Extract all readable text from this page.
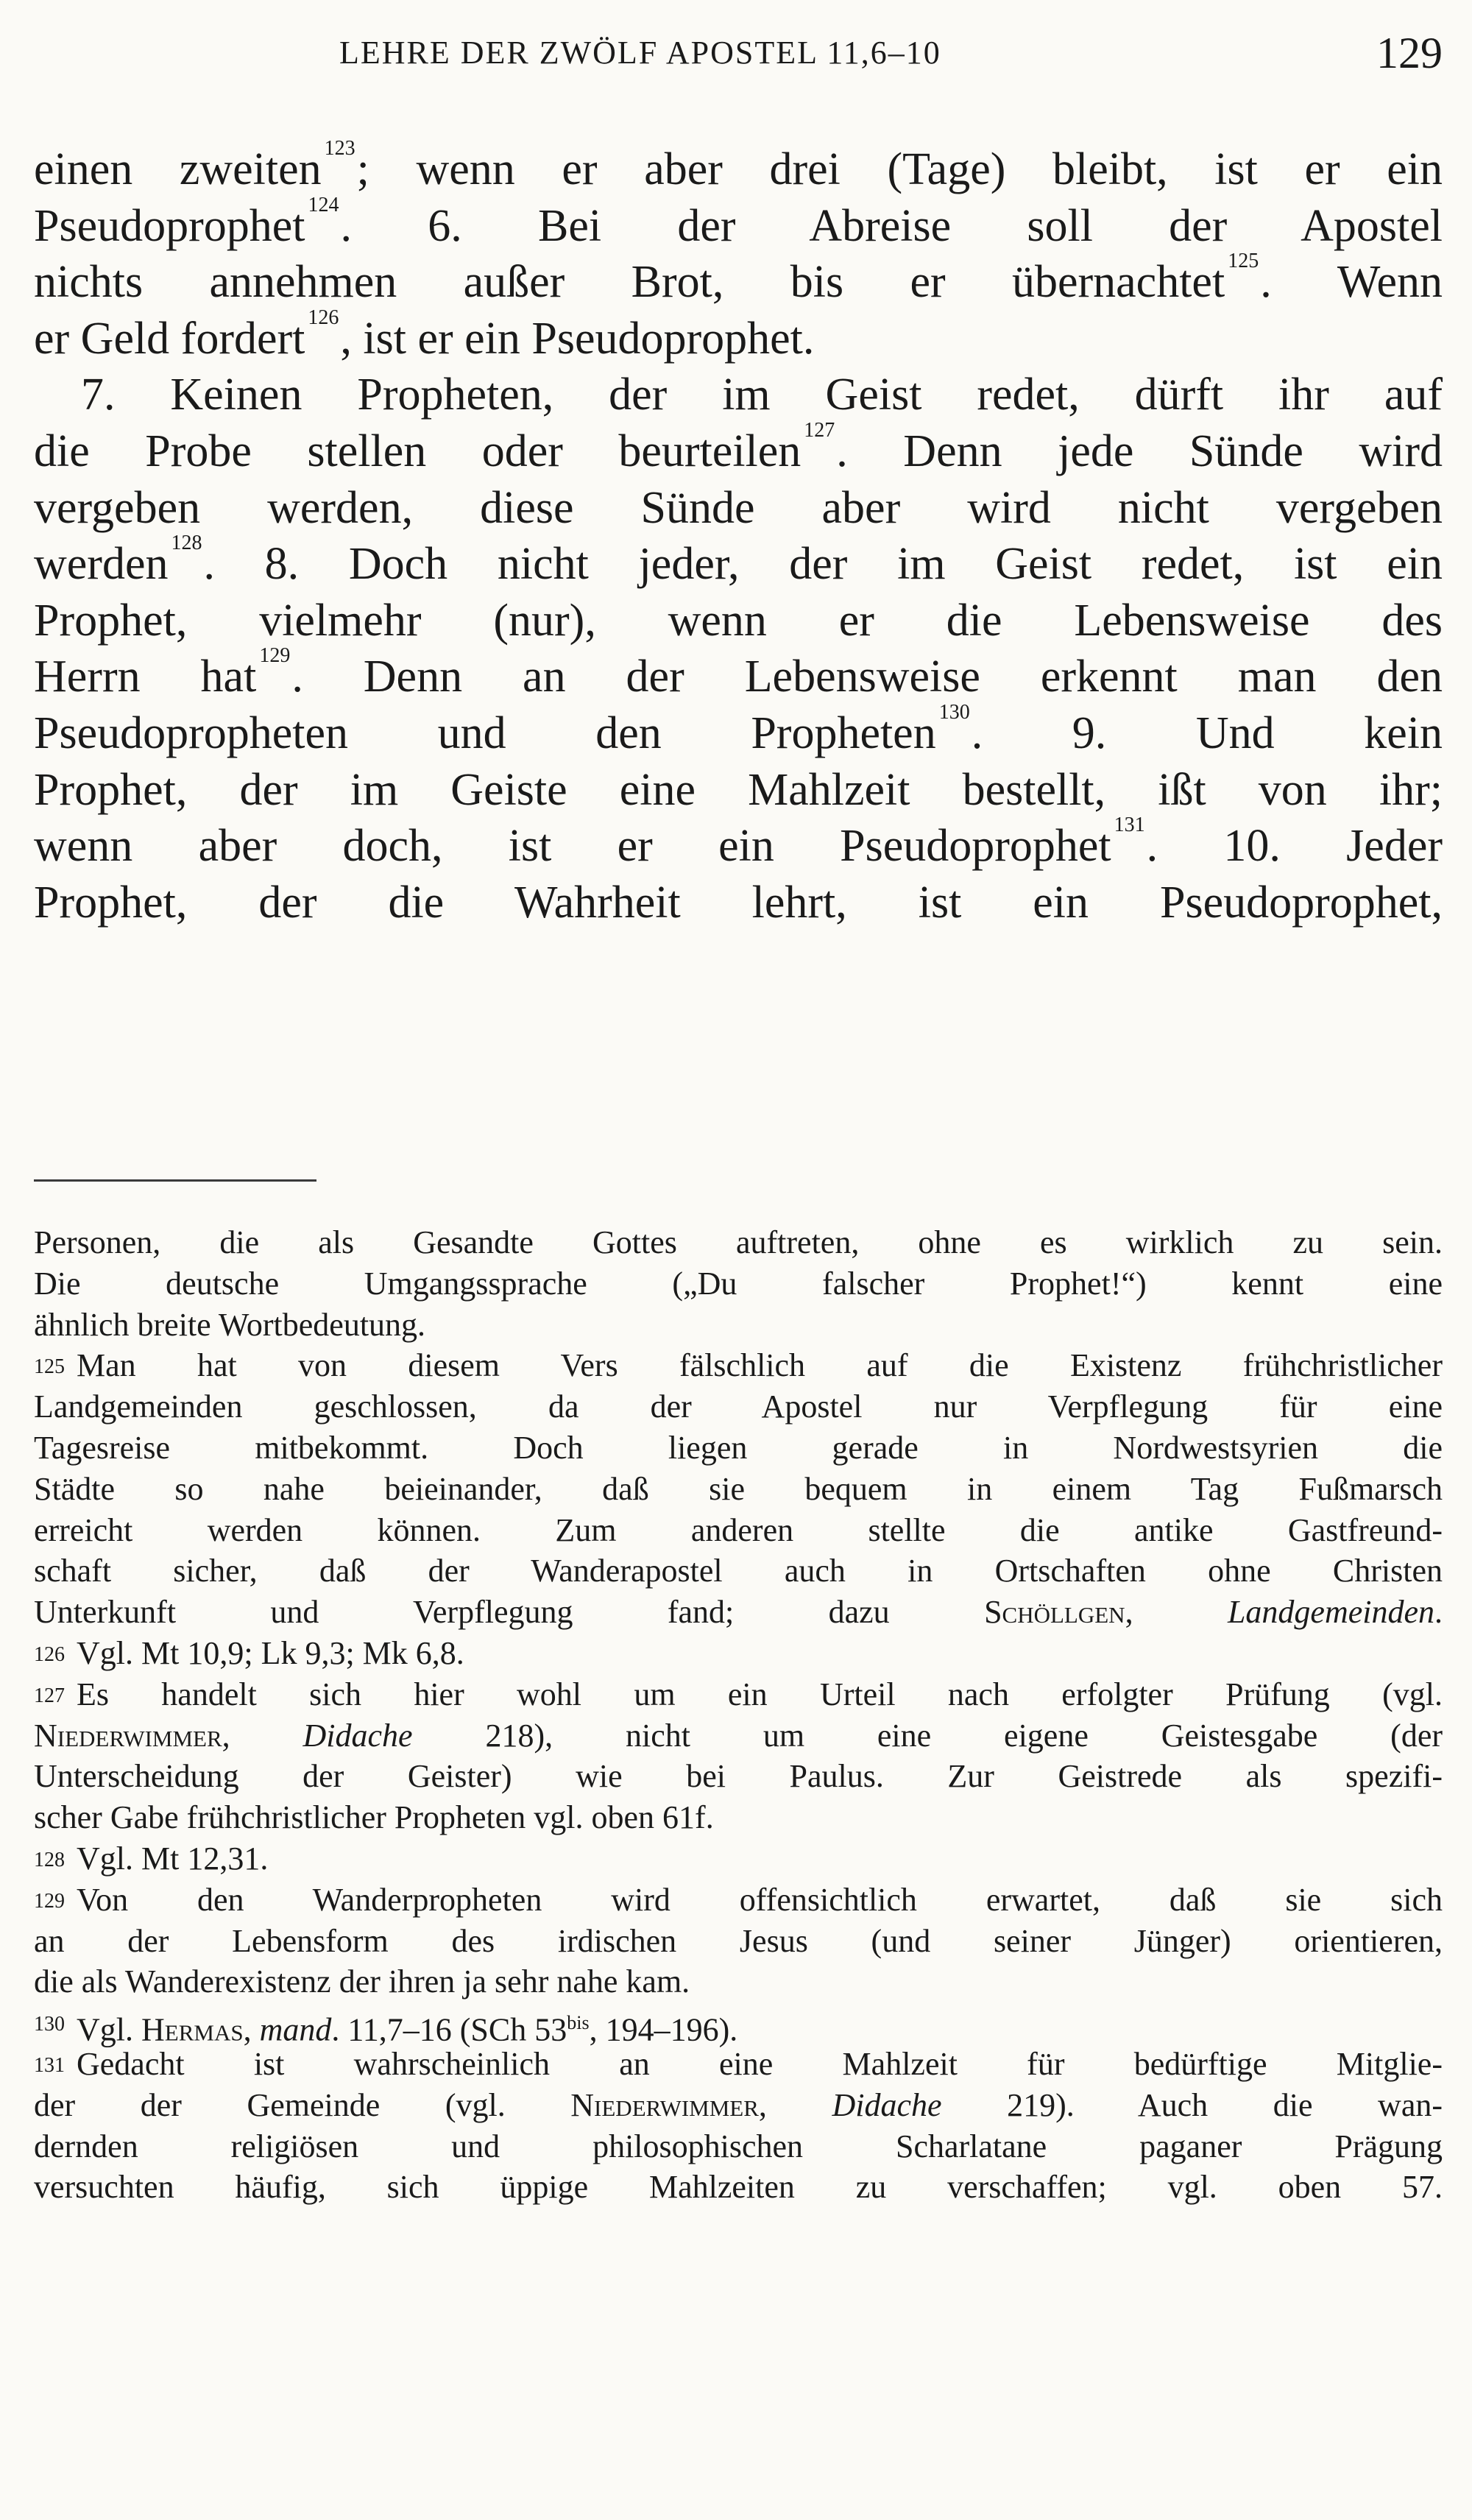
LEHRE DER ZWÖLF APOSTEL 11,6–10	129
einen zweiten $^{123}$; wenn er aber drei (Tage) bleibt, ist er ein
Pseudoprophet $^{124}$. 6. Bei der Abreise soll der Apostel
nichts annehmen außer Brot, bis er übernachtet $^{125}$. Wenn
er Geld fordert $^{126}$, ist er ein Pseudoprophet.
7. Keinen Propheten, der im Geist redet, dürft ihr auf
die Probe stellen oder beurteilen $^{127}$. Denn jede Sünde wird
vergeben werden, diese Sünde aber wird nicht vergeben
werden $^{128}$. 8. Doch nicht jeder, der im Geist redet, ist ein
Prophet, vielmehr (nur), wenn er die Lebensweise des
Herrn hat $^{129}$. Denn an der Lebensweise erkennt man den
Pseudopropheten und den Propheten $^{130}$. 9. Und kein
Prophet, der im Geiste eine Mahlzeit bestellt, ißt von ihr;
wenn aber doch, ist er ein Pseudoprophet $^{131}$. 10. Jeder
Prophet, der die Wahrheit lehrt, ist ein Pseudoprophet,
Personen, die als Gesandte Gottes auftreten, ohne es wirklich zu sein.
Die deutsche Umgangssprache („Du falscher Prophet!“) kennt eine
ähnlich breite Wortbedeutung.
125 Man hat von diesem Vers fälschlich auf die Existenz frühchristlicher
Landgemeinden geschlossen, da der Apostel nur Verpflegung für eine
Tagesreise mitbekommt. Doch liegen gerade in Nordwestsyrien die
Städte so nahe beieinander, daß sie bequem in einem Tag Fußmarsch
erreicht werden können. Zum anderen stellte die antike Gastfreund-
schaft sicher, daß der Wanderapostel auch in Ortschaften ohne Christen
Unterkunft und Verpflegung fand; dazu Schöllgen, Landgemeinden.
126 Vgl. Mt 10,9; Lk 9,3; Mk 6,8.
127 Es handelt sich hier wohl um ein Urteil nach erfolgter Prüfung (vgl.
Niederwimmer, Didache 218), nicht um eine eigene Geistesgabe (der
Unterscheidung der Geister) wie bei Paulus. Zur Geistrede als spezifi-
scher Gabe frühchristlicher Propheten vgl. oben 61f.
128 Vgl. Mt 12,31.
129 Von den Wanderpropheten wird offensichtlich erwartet, daß sie sich
an der Lebensform des irdischen Jesus (und seiner Jünger) orientieren,
die als Wanderexistenz der ihren ja sehr nahe kam.
130 Vgl. Hermas, mand. 11,7–16 (SCh $53^{bis}$, 194–196).
131 Gedacht ist wahrscheinlich an eine Mahlzeit für bedürftige Mitglie-
der der Gemeinde (vgl. Niederwimmer, Didache 219). Auch die wan-
dernden religiösen und philosophischen Scharlatane paganer Prägung
versuchten häufig, sich üppige Mahlzeiten zu verschaffen; vgl. oben 57.
